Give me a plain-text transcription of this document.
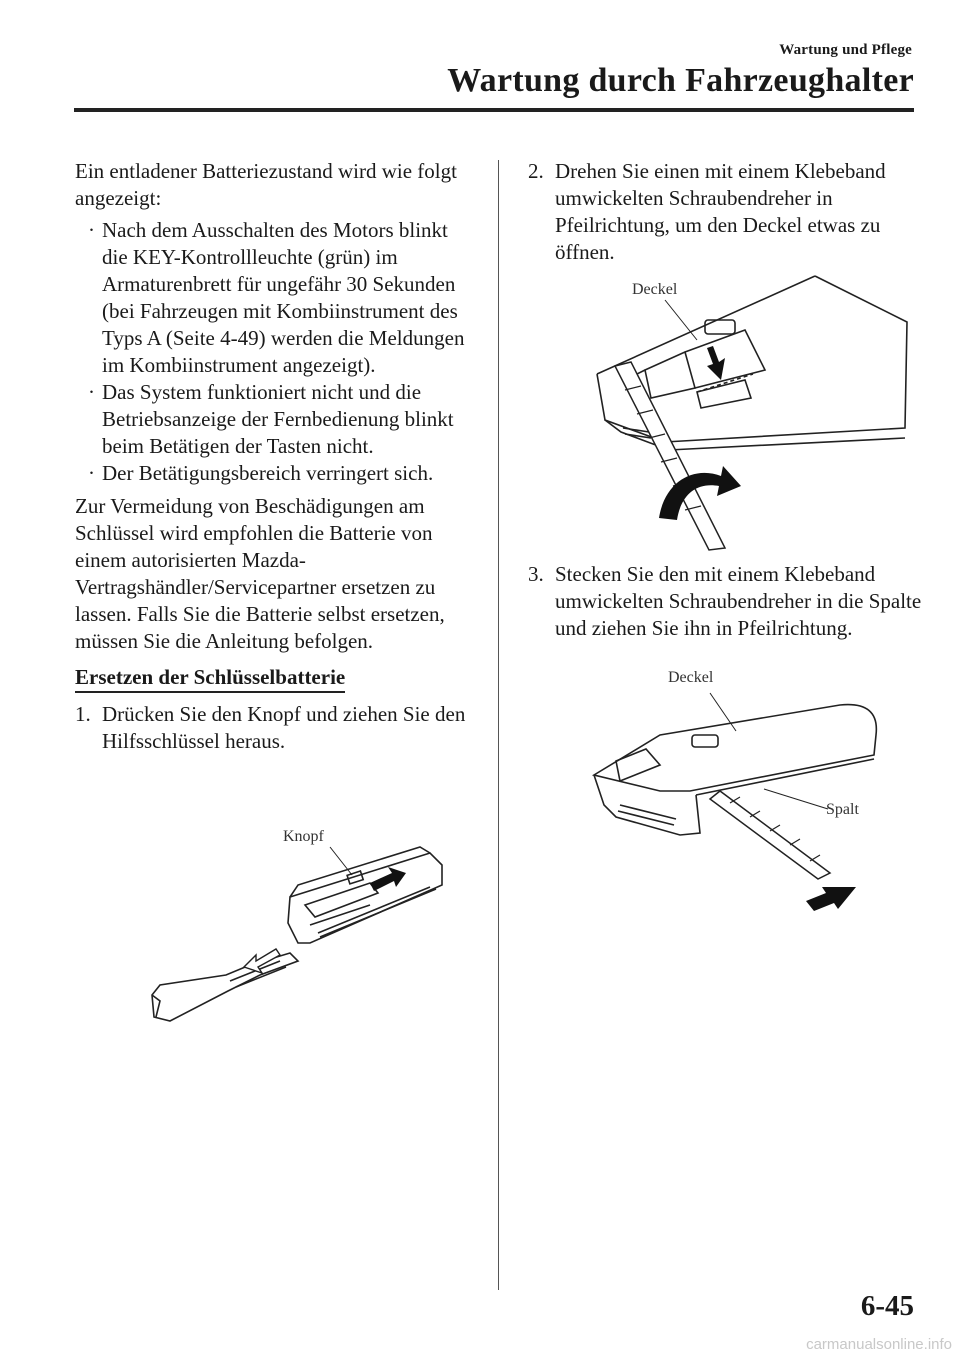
Wartung und Pflege
Wartung durch Fahrzeughalter

Ein entladener Batteriezustand wird wie folgt angezeigt:

· Nach dem Ausschalten des Motors blinkt die KEY-Kontrollleuchte (grün) im Armaturenbrett für ungefähr 30 Sekunden (bei Fahrzeugen mit Kombiinstrument des Typs A (Seite 4-49) werden die Meldungen im Kombiinstrument angezeigt).
· Das System funktioniert nicht und die Betriebsanzeige der Fernbedienung blinkt beim Betätigen der Tasten nicht.
· Der Betätigungsbereich verringert sich.

Zur Vermeidung von Beschädigungen am Schlüssel wird empfohlen die Batterie von einem autorisierten Mazda-Vertragshändler/Servicepartner ersetzen zu lassen. Falls Sie die Batterie selbst ersetzen, müssen Sie die Anleitung befolgen.

Ersetzen der Schlüsselbatterie
1. Drücken Sie den Knopf und ziehen Sie den Hilfsschlüssel heraus.
Knopf
2. Drehen Sie einen mit einem Klebeband umwickelten Schraubendreher in Pfeilrichtung, um den Deckel etwas zu öffnen.
Deckel
3. Stecken Sie den mit einem Klebeband umwickelten Schraubendreher in die Spalte und ziehen Sie ihn in Pfeilrichtung.
Deckel
Spalt
6-45
carmanualsonline.info
